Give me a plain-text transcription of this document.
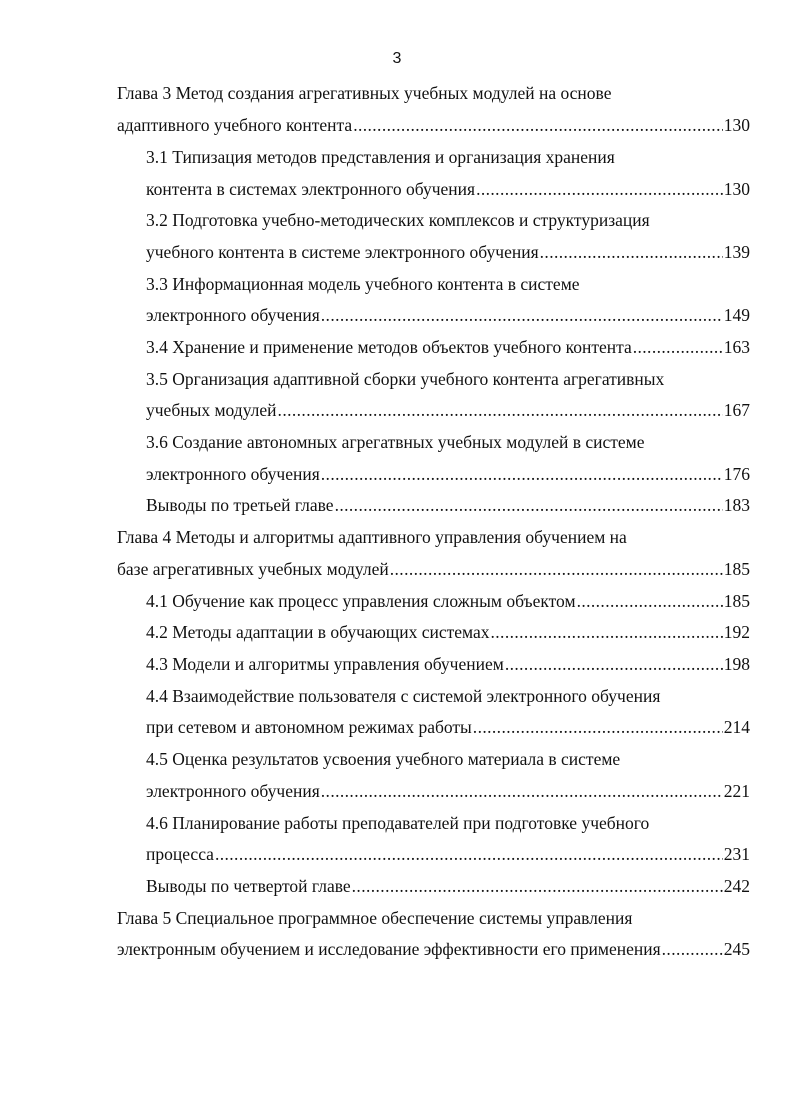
3
Глава 3 Метод создания агрегативных учебных модулей на основе
адаптивного учебного контента .....	130
3.1 Типизация методов представления и организация хранения
контента в системах электронного обучения .....	130
3.2 Подготовка учебно-методических комплексов и структуризация
учебного контента в системе электронного обучения .....	139
3.3 Информационная модель учебного контента в системе
электронного обучения .....	149
3.4 Хранение и применение методов объектов учебного контента .....	163
3.5 Организация адаптивной сборки учебного контента агрегативных
учебных модулей .....	167
3.6 Создание автономных агрегатвных учебных модулей в системе
электронного обучения .....	176
Выводы по третьей главе .....	183
Глава 4 Методы и алгоритмы адаптивного управления обучением на
базе агрегативных учебных модулей .....	185
4.1 Обучение как процесс управления сложным объектом .....	185
4.2 Методы адаптации в обучающих системах .....	192
4.3 Модели и алгоритмы управления обучением .....	198
4.4 Взаимодействие пользователя с системой электронного обучения
при сетевом и автономном режимах работы .....	214
4.5 Оценка результатов усвоения учебного материала в системе
электронного обучения .....	221
4.6 Планирование работы преподавателей при подготовке учебного
процесса .....	231
Выводы по четвертой главе .....	242
Глава 5 Специальное программное обеспечение системы управления
электронным обучением и исследование эффективности его применения .....	245
